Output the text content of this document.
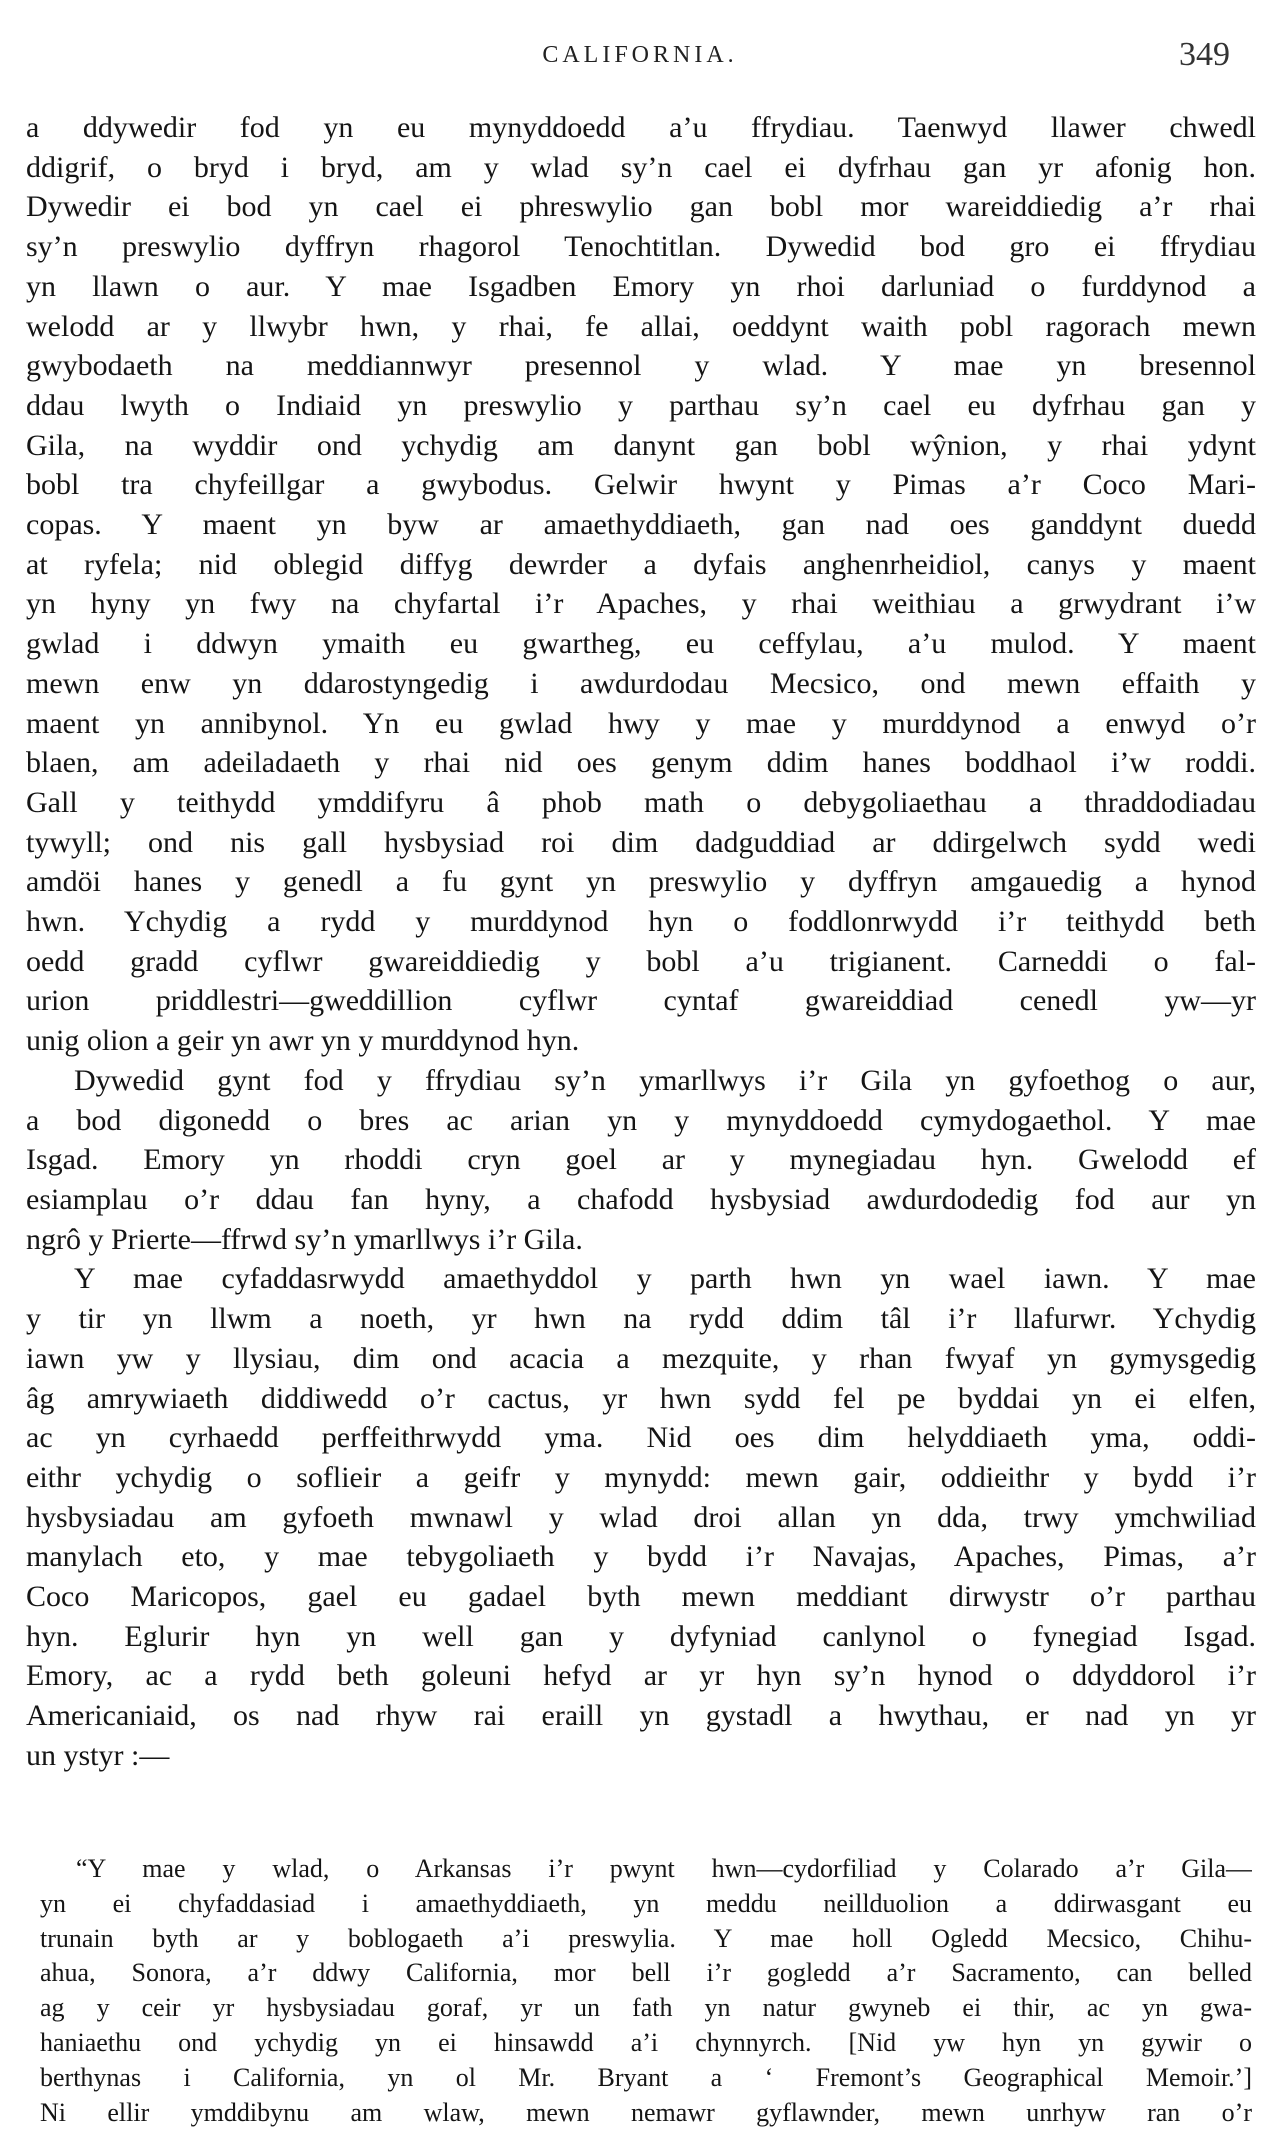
CALIFORNIA.	349
a ddywedir fod yn eu mynyddoedd a’u ffrydiau. Taenwyd llawer chwedl
ddigrif, o bryd i bryd, am y wlad sy’n cael ei dyfrhau gan yr afonig hon.
Dywedir ei bod yn cael ei phreswylio gan bobl mor wareiddiedig a’r rhai
sy’n preswylio dyffryn rhagorol Tenochtitlan. Dywedid bod gro ei ffrydiau
yn llawn o aur. Y mae Isgadben Emory yn rhoi darluniad o furddynod a
welodd ar y llwybr hwn, y rhai, fe allai, oeddynt waith pobl ragorach mewn
gwybodaeth na meddiannwyr presennol y wlad. Y mae yn bresennol
ddau lwyth o Indiaid yn preswylio y parthau sy’n cael eu dyfrhau gan y
Gila, na wyddir ond ychydig am danynt gan bobl wŷnion, y rhai ydynt
bobl tra chyfeillgar a gwybodus. Gelwir hwynt y Pimas a’r Coco Mari-
copas. Y maent yn byw ar amaethyddiaeth, gan nad oes ganddynt duedd
at ryfela; nid oblegid diffyg dewrder a dyfais anghenrheidiol, canys y maent
yn hyny yn fwy na chyfartal i’r Apaches, y rhai weithiau a grwydrant i’w
gwlad i ddwyn ymaith eu gwartheg, eu ceffylau, a’u mulod. Y maent
mewn enw yn ddarostyngedig i awdurdodau Mecsico, ond mewn effaith y
maent yn annibynol. Yn eu gwlad hwy y mae y murddynod a enwyd o’r
blaen, am adeiladaeth y rhai nid oes genym ddim hanes boddhaol i’w roddi.
Gall y teithydd ymddifyru â phob math o debygoliaethau a thraddodiadau
tywyll; ond nis gall hysbysiad roi dim dadguddiad ar ddirgelwch sydd wedi
amdöi hanes y genedl a fu gynt yn preswylio y dyffryn amgauedig a hynod
hwn. Ychydig a rydd y murddynod hyn o foddlonrwydd i’r teithydd beth
oedd gradd cyflwr gwareiddiedig y bobl a’u trigianent. Carneddi o fal-
urion priddlestri—gweddillion cyflwr cyntaf gwareiddiad cenedl yw—yr
unig olion a geir yn awr yn y murddynod hyn.
Dywedid gynt fod y ffrydiau sy’n ymarllwys i’r Gila yn gyfoethog o aur,
a bod digonedd o bres ac arian yn y mynyddoedd cymydogaethol. Y mae
Isgad. Emory yn rhoddi cryn goel ar y mynegiadau hyn. Gwelodd ef
esiamplau o’r ddau fan hyny, a chafodd hysbysiad awdurdodedig fod aur yn
ngrô y Prierte—ffrwd sy’n ymarllwys i’r Gila.
Y mae cyfaddasrwydd amaethyddol y parth hwn yn wael iawn. Y mae
y tir yn llwm a noeth, yr hwn na rydd ddim tâl i’r llafurwr. Ychydig
iawn yw y llysiau, dim ond acacia a mezquite, y rhan fwyaf yn gymysgedig
âg amrywiaeth diddiwedd o’r cactus, yr hwn sydd fel pe byddai yn ei elfen,
ac yn cyrhaedd perffeithrwydd yma. Nid oes dim helyddiaeth yma, oddi-
eithr ychydig o soflieir a geifr y mynydd: mewn gair, oddieithr y bydd i’r
hysbysiadau am gyfoeth mwnawl y wlad droi allan yn dda, trwy ymchwiliad
manylach eto, y mae tebygoliaeth y bydd i’r Navajas, Apaches, Pimas, a’r
Coco Maricopos, gael eu gadael byth mewn meddiant dirwystr o’r parthau
hyn. Eglurir hyn yn well gan y dyfyniad canlynol o fynegiad Isgad.
Emory, ac a rydd beth goleuni hefyd ar yr hyn sy’n hynod o ddyddorol i’r
Americaniaid, os nad rhyw rai eraill yn gystadl a hwythau, er nad yn yr
un ystyr :—
“Y mae y wlad, o Arkansas i’r pwynt hwn—cydorfiliad y Colarado a’r Gila—
yn ei chyfaddasiad i amaethyddiaeth, yn meddu neillduolion a ddirwasgant eu
trunain byth ar y boblogaeth a’i preswylia. Y mae holl Ogledd Mecsico, Chihu-
ahua, Sonora, a’r ddwy California, mor bell i’r gogledd a’r Sacramento, can belled
ag y ceir yr hysbysiadau goraf, yr un fath yn natur gwyneb ei thir, ac yn gwa-
haniaethu ond ychydig yn ei hinsawdd a’i chynnyrch. [Nid yw hyn yn gywir o
berthynas i California, yn ol Mr. Bryant a ‘ Fremont’s Geographical Memoir.’]
Ni ellir ymddibynu am wlaw, mewn nemawr gyflawnder, mewn unrhyw ran o’r
